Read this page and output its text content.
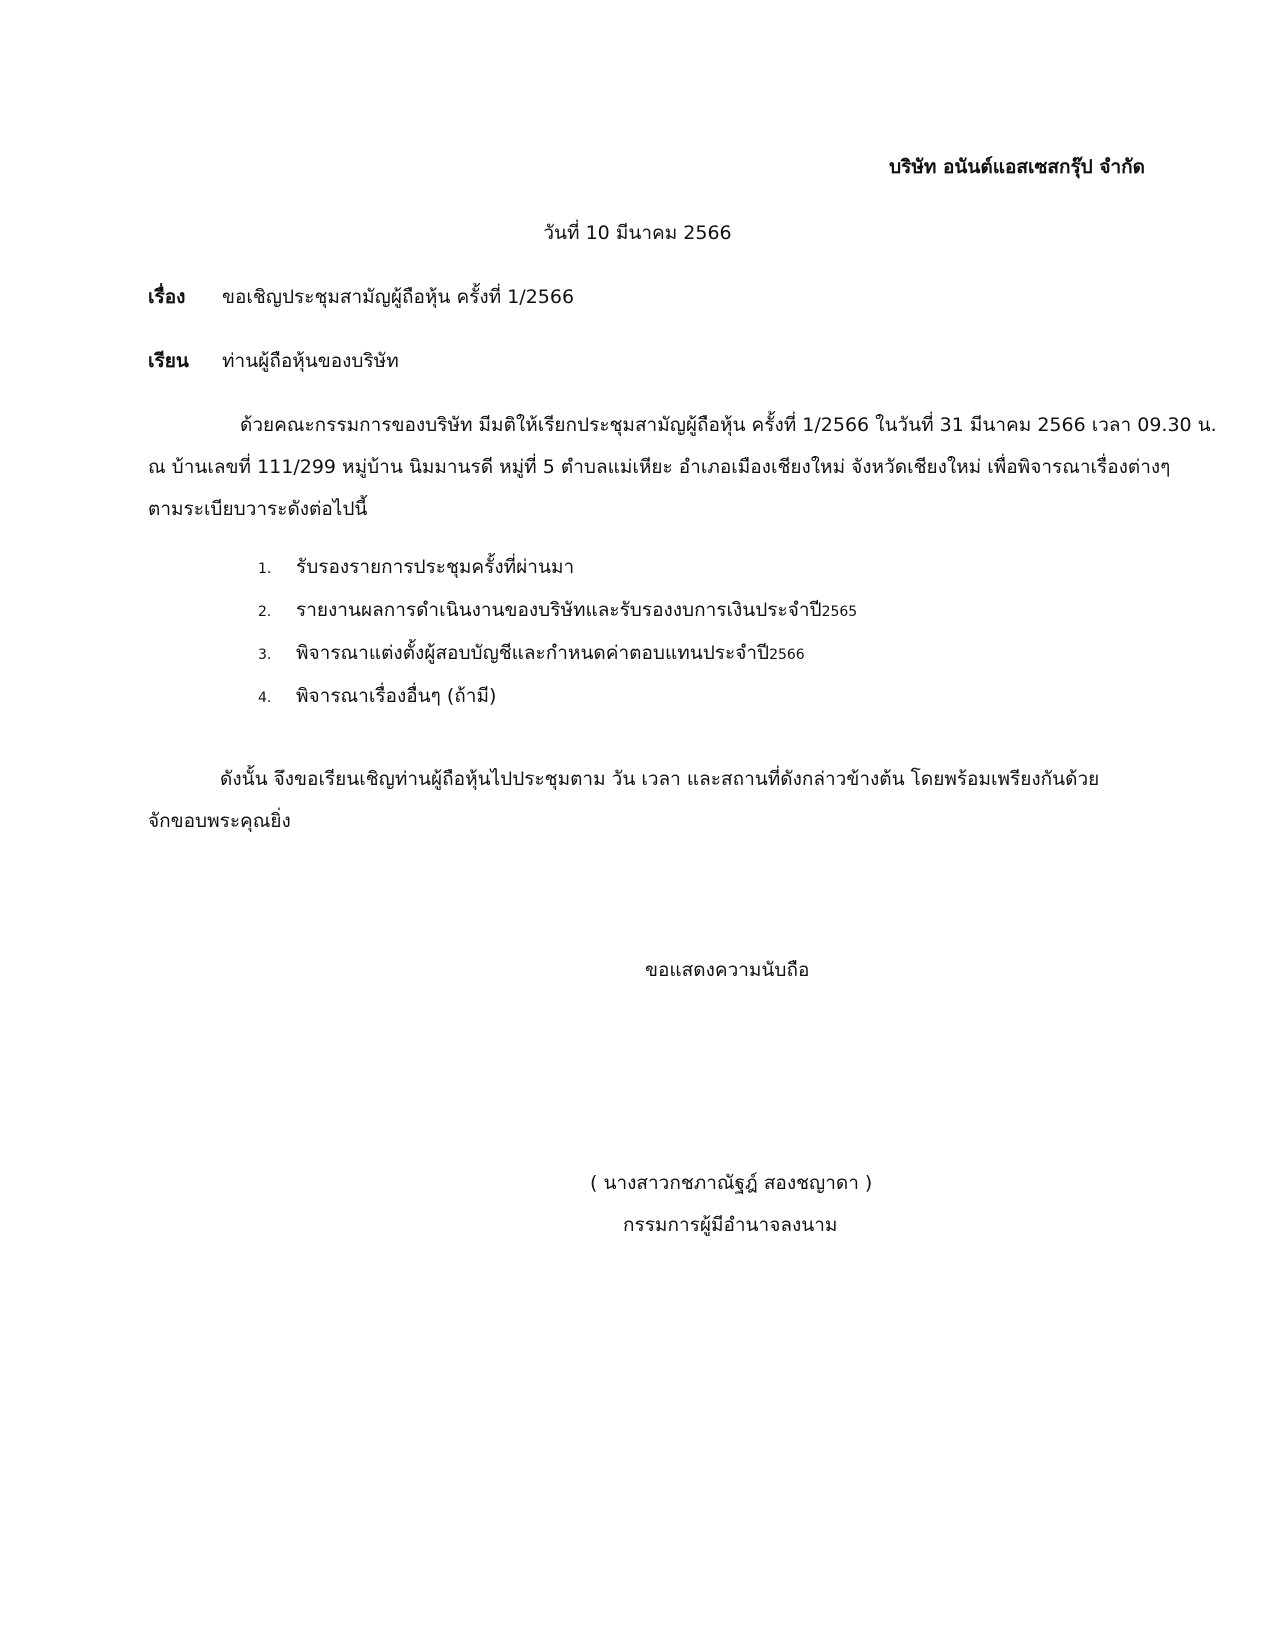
บริษัท อนันต์แอสเซสกรุ๊ป จำกัด
วันที่ 10 มีนาคม 2566
เรื่อง ขอเชิญประชุมสามัญผู้ถือหุ้น ครั้งที่ 1/2566
เรียน ท่านผู้ถือหุ้นของบริษัท
ด้วยคณะกรรมการของบริษัท มีมติให้เรียกประชุมสามัญผู้ถือหุ้น ครั้งที่ 1/2566 ในวันที่ 31 มีนาคม 2566 เวลา 09.30 น.
ณ บ้านเลขที่ 111/299 หมู่บ้าน นิมมานรดี หมู่ที่ 5 ตำบลแม่เหียะ อำเภอเมืองเชียงใหม่ จังหวัดเชียงใหม่ เพื่อพิจารณาเรื่องต่างๆ
ตามระเบียบวาระดังต่อไปนี้
1 .	รับรองรายการประชุมครั้งที่ผ่านมา
2 .	รายงานผลการดำเนินงานของบริษัทและรับรองงบการเงินประจำปี 2565
3 .	พิจารณาแต่งตั้งผู้สอบบัญชีและกำหนดค่าตอบแทนประจำปี 2566
4 .	พิจารณาเรื่องอื่นๆ (ถ้ามี)
ดังนั้น จึงขอเรียนเชิญท่านผู้ถือหุ้นไปประชุมตาม วัน เวลา และสถานที่ดังกล่าวข้างต้น โดยพร้อมเพรียงกันด้วย
จักขอบพระคุณยิ่ง
ขอแสดงความนับถือ
( นางสาวกชภาณัฐฎ์ สองชญาดา )
กรรมการผู้มีอำนาจลงนาม
